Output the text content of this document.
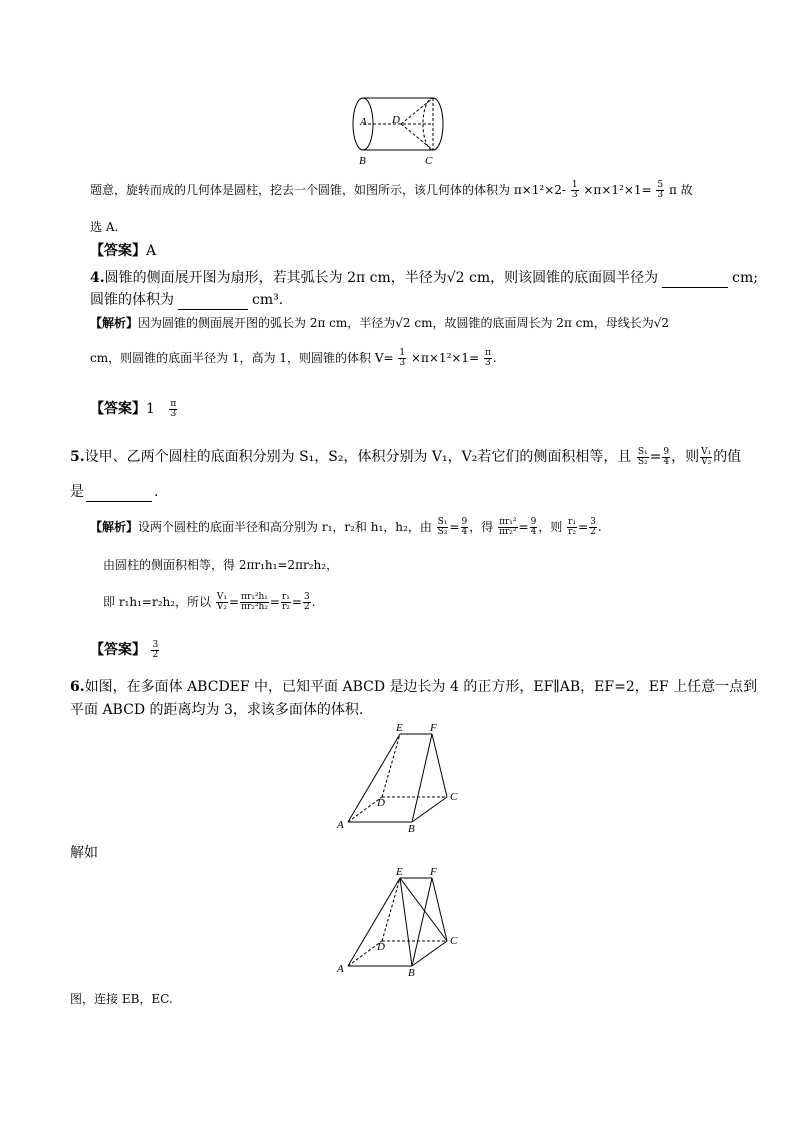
A D
B	C
题意，旋转而成的几何体是圆柱，挖去一个圆锥，如图所示，该几何体的体积为 $\pi\times 1^2\times 2- \frac{1}{3} \times\pi\times 1^2\times 1= \frac{5}{3}$ π 故
选 A.
【答案】A
4.圆锥的侧面展开图为扇形，若其弧长为 2π cm，半径为√2 cm，则该圆锥的底面圆半径为	cm;
圆锥的体积为	cm³.
【解析】因为圆锥的侧面展开图的弧长为 2π cm，半径为√2 cm，故圆锥的底面周长为 2π cm，母线长为√2
cm，则圆锥的底面半径为 1，高为 1，则圆锥的体积 $V= \frac{1}{3} \times\pi\times 1^2\times 1= \frac{\pi}{3}$ .
【答案】$1 \frac{\pi}{3}$
5.设甲、乙两个圆柱的底面积分别为 S₁，S₂，体积分别为 V₁，V₂若它们的侧面积相等，且 $\frac{\text{S₁}}{\text{S₂}} = \frac{9}{4}$ ，则 $\frac{\text{V₁}}{\text{V₂}}$ 的值
是	.
【解析】设两个圆柱的底面半径和高分别为 r₁，r₂和 h₁，h₂，由 $\frac{\text{S₁}}{\text{S₂}} = \frac{9}{4}$ ，得 $\frac{\text{πr₁²}}{\text{πr₂²}} = \frac{9}{4}$ ，则 $\frac{\text{r₁}}{\text{r₂}} = \frac{3}{2}$ .
由圆柱的侧面积相等，得 2πr₁h₁=2πr₂h₂，
即 r₁h₁=r₂h₂，所以 $\frac{\text{V₁}}{\text{V₂}} = \frac{\text{πr₁²h₁}}{\text{πr₂²h₂}} = \frac{\text{r₁}}{\text{r₂}} = \frac{3}{2}$ .
【答案】 $\frac{3}{2}$
6.如图，在多面体 ABCDEF 中，已知平面 ABCD 是边长为 4 的正方形，EF∥AB，EF=2，EF 上任意一点到
平面 ABCD 的距离均为 3，求该多面体的体积.
E F
D	C
A	B
解如
E F
D	C
A	B
图，连接 EB，EC.
